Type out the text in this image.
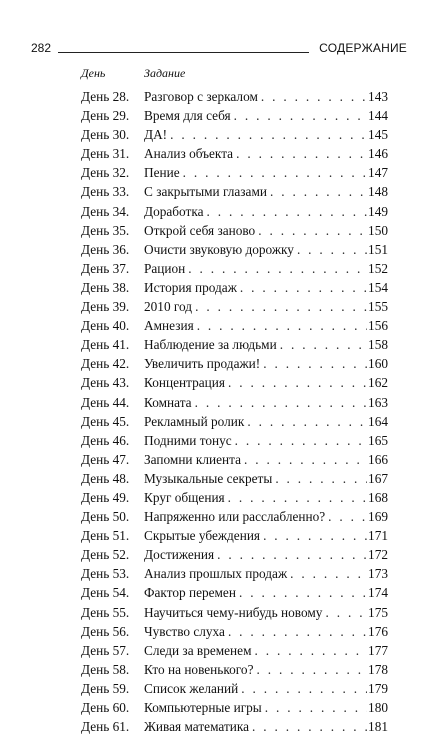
282	СОДЕРЖАНИЕ
День	Задание
День 28. Разговор с зеркалом . . .	143
День 29. Время для себя . . .	144
День 30. ДА! . . .	145
День 31. Анализ объекта . . .	146
День 32. Пение . . .	147
День 33. С закрытыми глазами . . .	148
День 34. Доработка . . .	149
День 35. Открой себя заново . . .	150
День 36. Очисти звуковую дорожку . . .	151
День 37. Рацион . . .	152
День 38. История продаж . . .	154
День 39. 2010 год . . .	155
День 40. Амнезия . . .	156
День 41. Наблюдение за людьми . . .	158
День 42. Увеличить продажи! . . .	160
День 43. Концентрация . . .	162
День 44. Комната . . .	163
День 45. Рекламный ролик . . .	164
День 46. Подними тонус . . .	165
День 47. Запомни клиента . . .	166
День 48. Музыкальные секреты . . .	167
День 49. Круг общения . . .	168
День 50. Напряженно или расслабленно? . . .	169
День 51. Скрытые убеждения . . .	171
День 52. Достижения . . .	172
День 53. Анализ прошлых продаж . . .	173
День 54. Фактор перемен . . .	174
День 55. Научиться чему-нибудь новому . . .	175
День 56. Чувство слуха . . .	176
День 57. Следи за временем . . .	177
День 58. Кто на новенького? . . .	178
День 59. Список желаний . . .	179
День 60. Компьютерные игры . . .	180
День 61. Живая математика . . .	181
